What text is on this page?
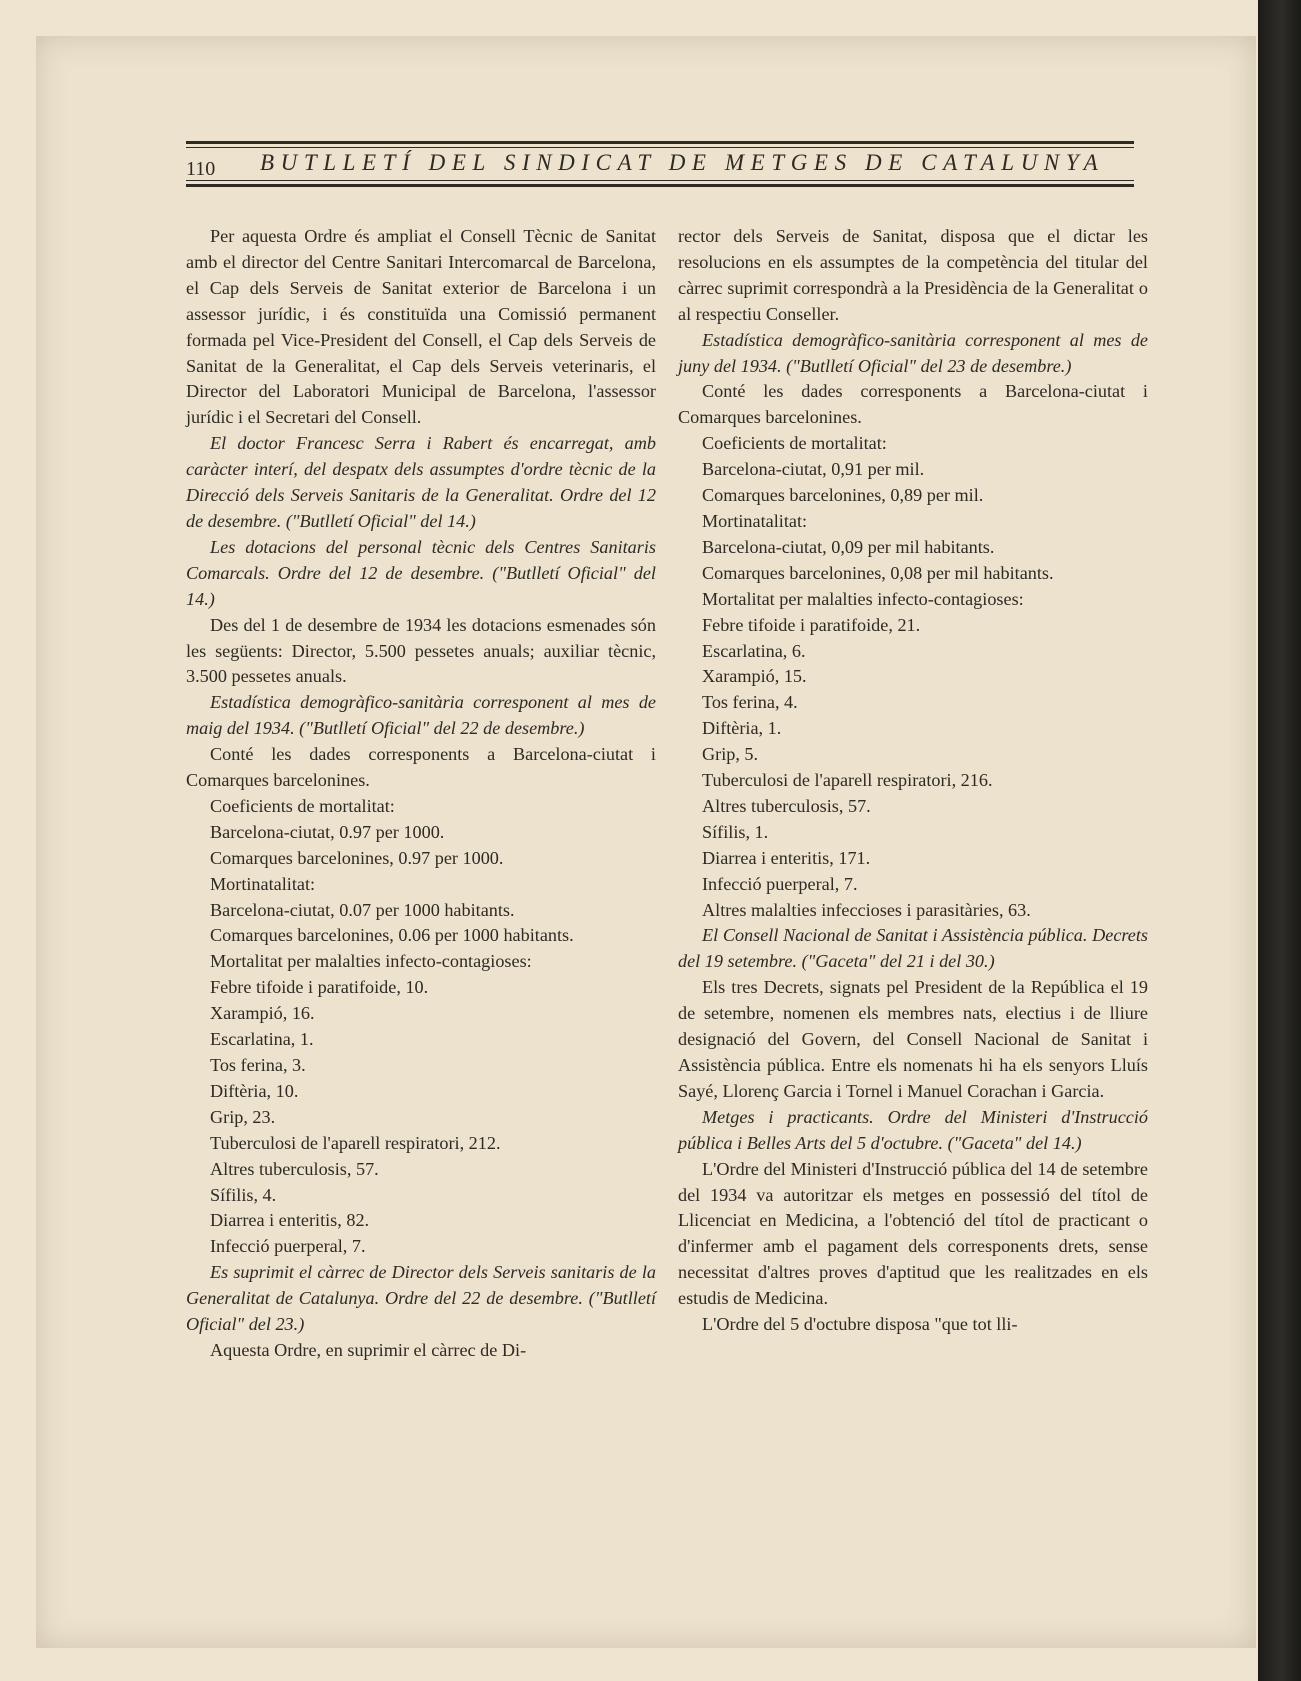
110 BUTLLETÍ DEL SINDICAT DE METGES DE CATALUNYA

Per aquesta Ordre és ampliat el Consell Tècnic de Sanitat amb el director del Centre Sanitari Intercomarcal de Barcelona, el Cap dels Serveis de Sanitat exterior de Barcelona i un assessor jurídic, i és constituïda una Comissió permanent formada pel Vice-President del Consell, el Cap dels Serveis de Sanitat de la Generalitat, el Cap dels Serveis veterinaris, el Director del Laboratori Municipal de Barcelona, l'assessor jurídic i el Secretari del Consell.

El doctor Francesc Serra i Rabert és encarregat, amb caràcter interí, del despatx dels assumptes d'ordre tècnic de la Direcció dels Serveis Sanitaris de la Generalitat. Ordre del 12 de desembre. ("Butlletí Oficial" del 14.)

Les dotacions del personal tècnic dels Centres Sanitaris Comarcals. Ordre del 12 de desembre. ("Butlletí Oficial" del 14.)

Des del 1 de desembre de 1934 les dotacions esmenades són les següents: Director, 5.500 pessetes anuals; auxiliar tècnic, 3.500 pessetes anuals.

Estadística demogràfico-sanitària corresponent al mes de maig del 1934. ("Butlletí Oficial" del 22 de desembre.)

Conté les dades corresponents a Barcelona-ciutat i Comarques barcelonines.

Coeficients de mortalitat:

Barcelona-ciutat, 0.97 per 1000.

Comarques barcelonines, 0.97 per 1000.

Mortinatalitat:

Barcelona-ciutat, 0.07 per 1000 habitants.

Comarques barcelonines, 0.06 per 1000 habitants.

Mortalitat per malalties infecto-contagioses:

Febre tifoide i paratifoide, 10.

Xarampió, 16.

Escarlatina, 1.

Tos ferina, 3.

Diftèria, 10.

Grip, 23.

Tuberculosi de l'aparell respiratori, 212.

Altres tuberculosis, 57.

Sífilis, 4.

Diarrea i enteritis, 82.

Infecció puerperal, 7.

Es suprimit el càrrec de Director dels Serveis sanitaris de la Generalitat de Catalunya. Ordre del 22 de desembre. ("Butlletí Oficial" del 23.)

Aquesta Ordre, en suprimir el càrrec de Di-

rector dels Serveis de Sanitat, disposa que el dictar les resolucions en els assumptes de la competència del titular del càrrec suprimit correspondrà a la Presidència de la Generalitat o al respectiu Conseller.

Estadística demogràfico-sanitària corresponent al mes de juny del 1934. ("Butlletí Oficial" del 23 de desembre.)

Conté les dades corresponents a Barcelona-ciutat i Comarques barcelonines.

Coeficients de mortalitat:

Barcelona-ciutat, 0,91 per mil.

Comarques barcelonines, 0,89 per mil.

Mortinatalitat:

Barcelona-ciutat, 0,09 per mil habitants.

Comarques barcelonines, 0,08 per mil habitants.

Mortalitat per malalties infecto-contagioses:

Febre tifoide i paratifoide, 21.

Escarlatina, 6.

Xarampió, 15.

Tos ferina, 4.

Diftèria, 1.

Grip, 5.

Tuberculosi de l'aparell respiratori, 216.

Altres tuberculosis, 57.

Sífilis, 1.

Diarrea i enteritis, 171.

Infecció puerperal, 7.

Altres malalties infeccioses i parasitàries, 63.

El Consell Nacional de Sanitat i Assistència pública. Decrets del 19 setembre. ("Gaceta" del 21 i del 30.)

Els tres Decrets, signats pel President de la República el 19 de setembre, nomenen els membres nats, electius i de lliure designació del Govern, del Consell Nacional de Sanitat i Assistència pública. Entre els nomenats hi ha els senyors Lluís Sayé, Llorenç Garcia i Tornel i Manuel Corachan i Garcia.

Metges i practicants. Ordre del Ministeri d'Instrucció pública i Belles Arts del 5 d'octubre. ("Gaceta" del 14.)

L'Ordre del Ministeri d'Instrucció pública del 14 de setembre del 1934 va autoritzar els metges en possessió del títol de Llicenciat en Medicina, a l'obtenció del títol de practicant o d'infermer amb el pagament dels corresponents drets, sense necessitat d'altres proves d'aptitud que les realitzades en els estudis de Medicina.

L'Ordre del 5 d'octubre disposa "que tot lli-
